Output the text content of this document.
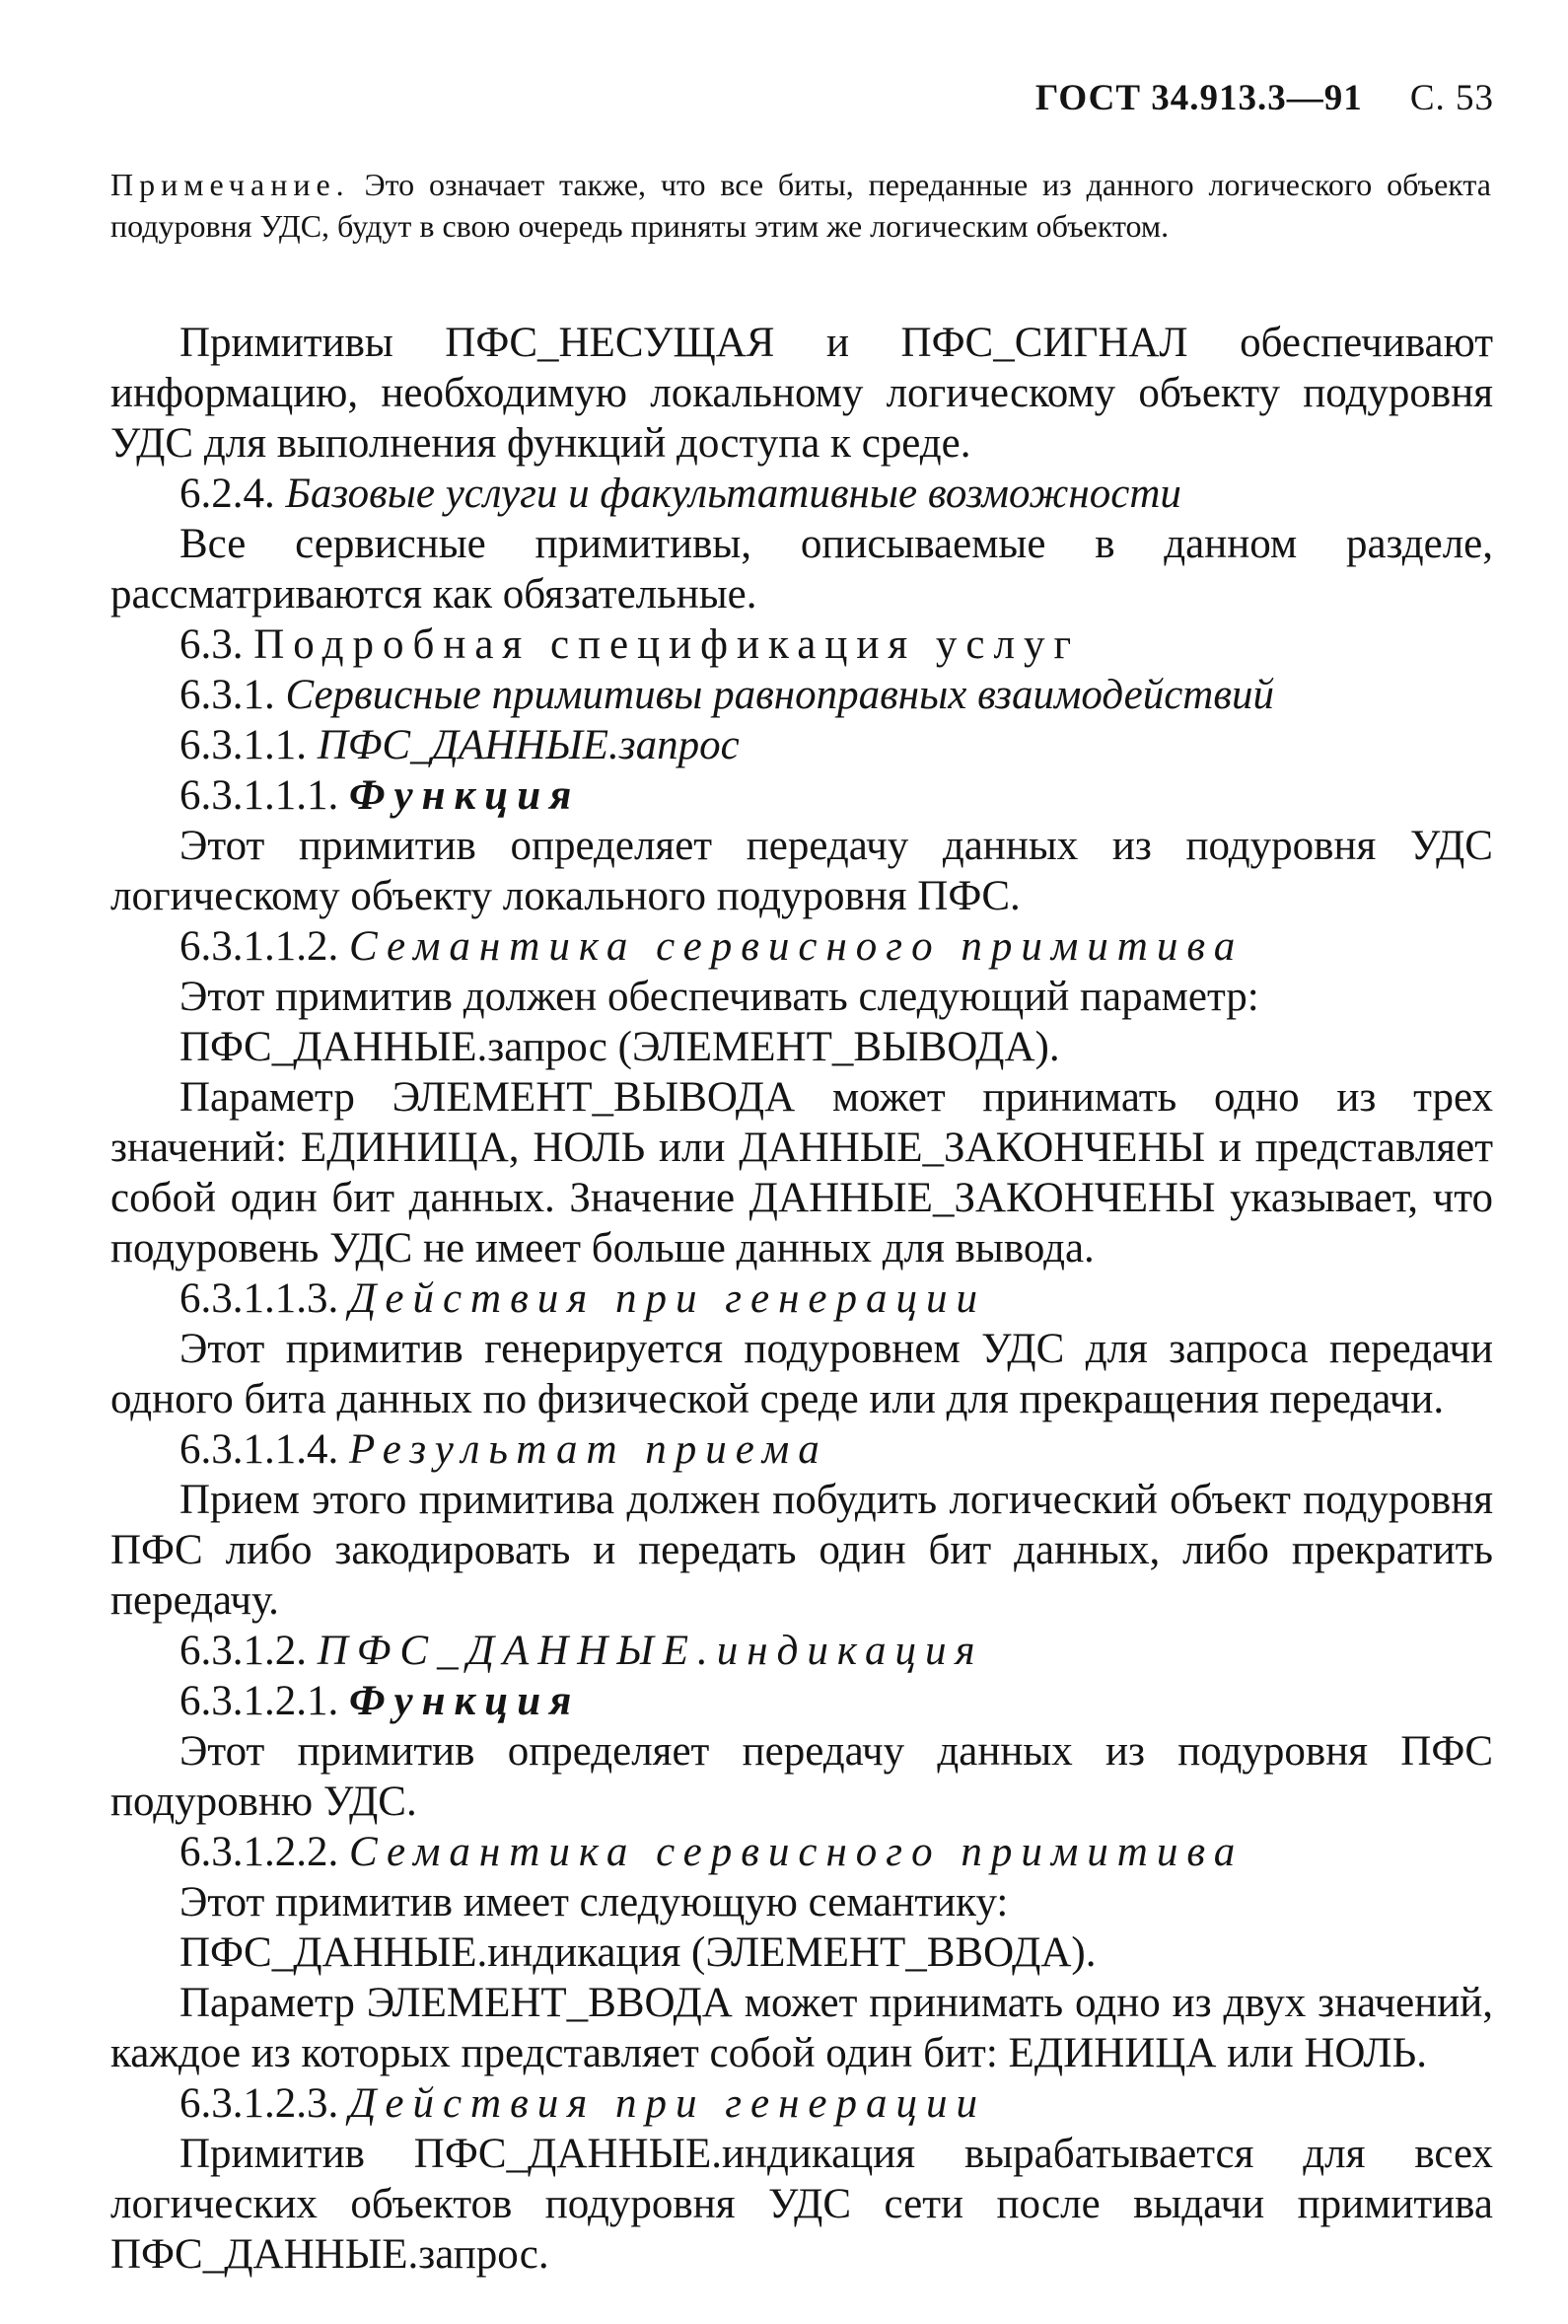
ГОСТ 34.913.3—91 С. 53
Примечание. Это означает также, что все биты, переданные из данного логического объекта подуровня УДС, будут в свою очередь приняты этим же логическим объектом.

Примитивы ПФС_НЕСУЩАЯ и ПФС_СИГНАЛ обеспечивают информацию, необходимую локальному логическому объекту подуровня УДС для выполнения функций доступа к среде.

6.2.4. Базовые услуги и факультативные возможности

Все сервисные примитивы, описываемые в данном разделе, рассматриваются как обязательные.

6.3. Подробная спецификация услуг

6.3.1. Сервисные примитивы равноправных взаимодействий

6.3.1.1. ПФС_ДАННЫЕ.запрос

6.3.1.1.1. Функция

Этот примитив определяет передачу данных из подуровня УДС логическому объекту локального подуровня ПФС.

6.3.1.1.2. Семантика сервисного примитива

Этот примитив должен обеспечивать следующий параметр:

ПФС_ДАННЫЕ.запрос (ЭЛЕМЕНТ_ВЫВОДА).

Параметр ЭЛЕМЕНТ_ВЫВОДА может принимать одно из трех значений: ЕДИНИЦА, НОЛЬ или ДАННЫЕ_ЗАКОНЧЕНЫ и представляет собой один бит данных. Значение ДАННЫЕ_ЗАКОНЧЕНЫ указывает, что подуровень УДС не имеет больше данных для вывода.

6.3.1.1.3. Действия при генерации

Этот примитив генерируется подуровнем УДС для запроса передачи одного бита данных по физической среде или для прекращения передачи.

6.3.1.1.4. Результат приема

Прием этого примитива должен побудить логический объект подуровня ПФС либо закодировать и передать один бит данных, либо прекратить передачу.

6.3.1.2. ПФС_ДАННЫЕ.индикация

6.3.1.2.1. Функция

Этот примитив определяет передачу данных из подуровня ПФС подуровню УДС.

6.3.1.2.2. Семантика сервисного примитива

Этот примитив имеет следующую семантику:

ПФС_ДАННЫЕ.индикация (ЭЛЕМЕНТ_ВВОДА).

Параметр ЭЛЕМЕНТ_ВВОДА может принимать одно из двух значений, каждое из которых представляет собой один бит: ЕДИНИЦА или НОЛЬ.

6.3.1.2.3. Действия при генерации

Примитив ПФС_ДАННЫЕ.индикация вырабатывается для всех логических объектов подуровня УДС сети после выдачи примитива ПФС_ДАННЫЕ.запрос.
